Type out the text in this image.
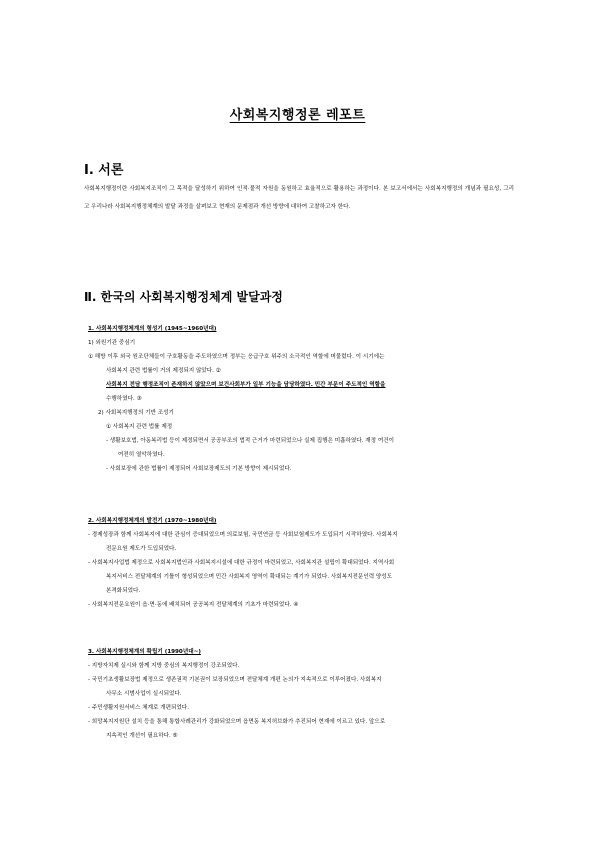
사회복지행정론 레포트
Ⅰ. 서론
사회복지행정이란 사회복지조직이 그 목적을 달성하기 위하여 인적·물적 자원을 동원하고 효율적으로 활용하는 과정이다. 본 보고서에서는 사회복지행정의 개념과 필요성, 그리고 우리나라 사회복지행정체계의 발달 과정을 살펴보고 현재의 문제점과 개선 방향에 대하여 고찰하고자 한다.
Ⅱ. 한국의 사회복지행정체계 발달과정
1. 사회복지행정체계의 형성기 (1945~1960년대)
1) 외원기관 중심기
① 해방 이후 외국 원조단체들이 구호활동을 주도하였으며 정부는 응급구호 위주의 소극적인 역할에 머물렀다. 이 시기에는
사회복지 관련 법률이 거의 제정되지 않았다. ②
사회복지 전담 행정조직이 존재하지 않았으며 보건사회부가 일부 기능을 담당하였다. 민간 부문이 주도적인 역할을
수행하였다. ③
2) 사회복지행정의 기반 조성기
① 사회복지 관련 법률 제정
- 생활보호법, 아동복리법 등이 제정되면서 공공부조의 법적 근거가 마련되었으나 실제 집행은 미흡하였다. 재정 여건이
여전히 열악하였다.
- 사회보장에 관한 법률이 제정되어 사회보장제도의 기본 방향이 제시되었다.
2. 사회복지행정체계의 발전기 (1970~1980년대)
- 경제성장과 함께 사회복지에 대한 관심이 증대되었으며 의료보험, 국민연금 등 사회보험제도가 도입되기 시작하였다. 사회복지
전문요원 제도가 도입되었다.
- 사회복지사업법 제정으로 사회복지법인과 사회복지시설에 대한 규정이 마련되었고, 사회복지관 설립이 확대되었다. 지역사회
복지서비스 전달체계의 기틀이 형성되었으며 민간 사회복지 영역이 확대되는 계기가 되었다. 사회복지전문인력 양성도
본격화되었다.
- 사회복지전문요원이 읍·면·동에 배치되어 공공복지 전달체계의 기초가 마련되었다. ④
3. 사회복지행정체계의 확립기 (1990년대~)
- 지방자치제 실시와 함께 지방 중심의 복지행정이 강조되었다.
- 국민기초생활보장법 제정으로 생존권적 기본권이 보장되었으며 전달체계 개편 논의가 지속적으로 이루어졌다. 사회복지
사무소 시범사업이 실시되었다.
- 주민생활지원서비스 체계로 개편되었다.
- 희망복지지원단 설치 등을 통해 통합사례관리가 강화되었으며 읍면동 복지허브화가 추진되어 현재에 이르고 있다. 앞으로
지속적인 개선이 필요하다. ⑤
